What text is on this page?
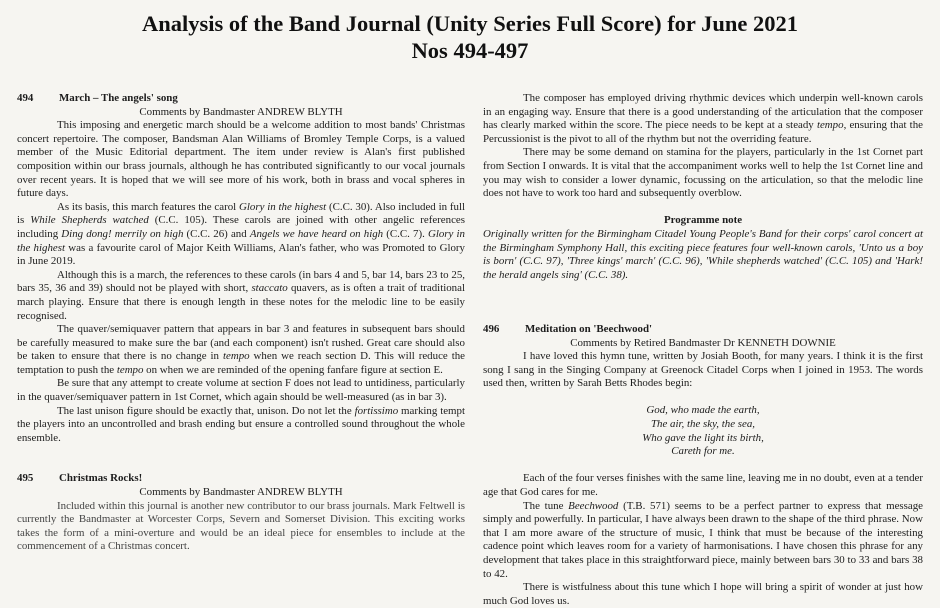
Analysis of the Band Journal (Unity Series Full Score) for June 2021
Nos 494-497
494	March – The angels' song
Comments by Bandmaster ANDREW BLYTH

This imposing and energetic march should be a welcome addition to most bands' Christmas concert repertoire. The composer, Bandsman Alan Williams of Bromley Temple Corps, is a valued member of the Music Editorial department. The item under review is Alan's first published composition within our brass journals, although he has contributed significantly to our vocal journals over recent years. It is hoped that we will see more of his work, both in brass and vocal spheres in future days.

As its basis, this march features the carol Glory in the highest (C.C. 30). Also included in full is While Shepherds watched (C.C. 105). These carols are joined with other angelic references including Ding dong! merrily on high (C.C. 26) and Angels we have heard on high (C.C. 7). Glory in the highest was a favourite carol of Major Keith Williams, Alan's father, who was Promoted to Glory in June 2019.

Although this is a march, the references to these carols (in bars 4 and 5, bar 14, bars 23 to 25, bars 35, 36 and 39) should not be played with short, staccato quavers, as is often a trait of traditional march playing. Ensure that there is enough length in these notes for the melodic line to be easily recognised.

The quaver/semiquaver pattern that appears in bar 3 and features in subsequent bars should be carefully measured to make sure the bar (and each component) isn't rushed. Great care should also be taken to ensure that there is no change in tempo when we reach section D. This will reduce the temptation to push the tempo on when we are reminded of the opening fanfare figure at section E.

Be sure that any attempt to create volume at section F does not lead to untidiness, particularly in the quaver/semiquaver pattern in 1st Cornet, which again should be well-measured (as in bar 3).

The last unison figure should be exactly that, unison. Do not let the fortissimo marking tempt the players into an uncontrolled and brash ending but ensure a controlled sound throughout the whole ensemble.

495	Christmas Rocks!
Comments by Bandmaster ANDREW BLYTH

Included within this journal is another new contributor to our brass journals. Mark Feltwell is currently the Bandmaster at Worcester Corps, Severn and Somerset Division. This exciting works takes the form of a mini-overture and would be an ideal piece for ensembles to include at the commencement of a Christmas concert.

The composer has employed driving rhythmic devices which underpin well-known carols in an engaging way. Ensure that there is a good understanding of the articulation that the composer has clearly marked within the score. The piece needs to be kept at a steady tempo, ensuring that the Percussionist is the pivot to all of the rhythm but not the overriding feature.

There may be some demand on stamina for the players, particularly in the 1st Cornet part from Section I onwards. It is vital that the accompaniment works well to help the 1st Cornet line and you may wish to consider a lower dynamic, focussing on the articulation, so that the melodic line does not have to work too hard and subsequently overblow.

Programme note

Originally written for the Birmingham Citadel Young People's Band for their corps' carol concert at the Birmingham Symphony Hall, this exciting piece features four well-known carols, 'Unto us a boy is born' (C.C. 97), 'Three kings' march' (C.C. 96), 'While shepherds watched' (C.C. 105) and 'Hark! the herald angels sing' (C.C. 38).

496	Meditation on 'Beechwood'
Comments by Retired Bandmaster Dr KENNETH DOWNIE

I have loved this hymn tune, written by Josiah Booth, for many years. I think it is the first song I sang in the Singing Company at Greenock Citadel Corps when I joined in 1953. The words used then, written by Sarah Betts Rhodes begin:

God, who made the earth,
The air, the sky, the sea,
Who gave the light its birth,
Careth for me.

Each of the four verses finishes with the same line, leaving me in no doubt, even at a tender age that God cares for me.

The tune Beechwood (T.B. 571) seems to be a perfect partner to express that message simply and powerfully. In particular, I have always been drawn to the shape of the third phrase. Now that I am more aware of the structure of music, I think that must be because of the interesting cadence point which leaves room for a variety of harmonisations. I have chosen this phrase for any development that takes place in this straightforward piece, mainly between bars 30 to 33 and bars 38 to 42.

There is wistfulness about this tune which I hope will bring a spirit of wonder at just how much God loves us.
